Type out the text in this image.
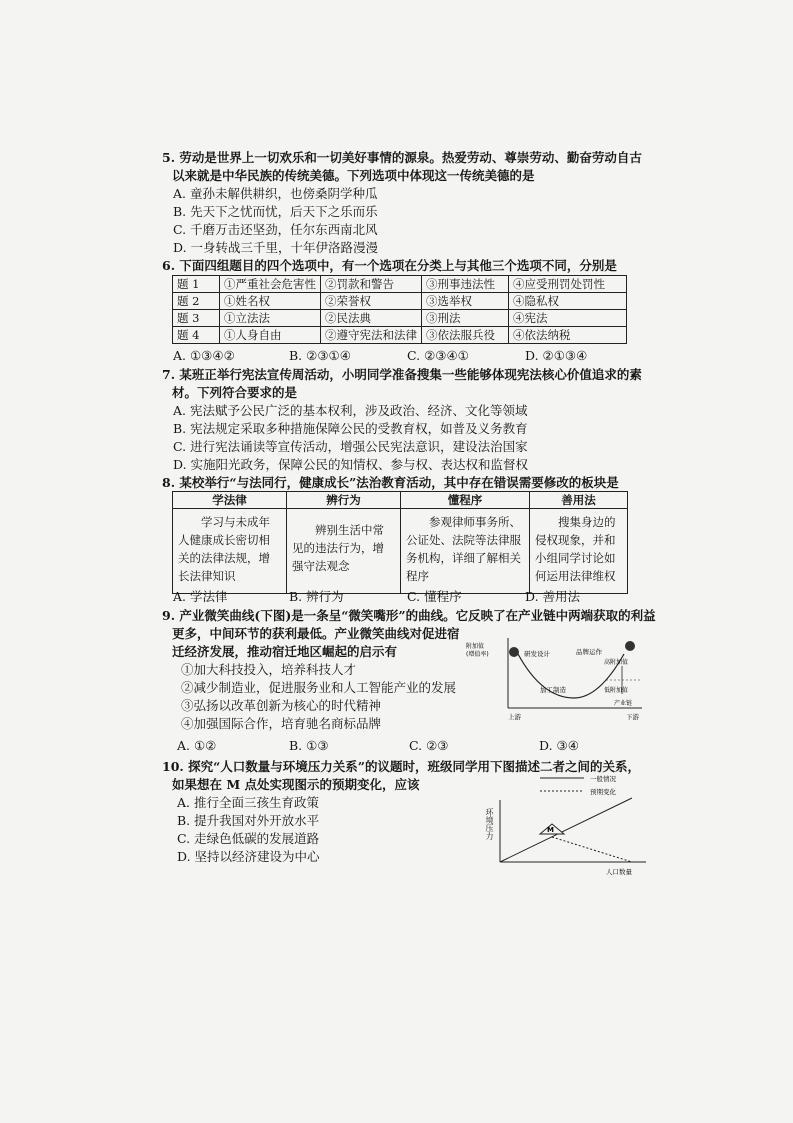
5. 劳动是世界上一切欢乐和一切美好事情的源泉。热爱劳动、尊崇劳动、勤奋劳动自古
以来就是中华民族的传统美德。下列选项中体现这一传统美德的是
A. 童孙未解供耕织，也傍桑阴学种瓜
B. 先天下之忧而忧，后天下之乐而乐
C. 千磨万击还坚劲，任尔东西南北风
D. 一身转战三千里，十年伊洛路漫漫
6. 下面四组题目的四个选项中，有一个选项在分类上与其他三个选项不同，分别是
题 1	①严重社会危害性	②罚款和警告	③刑事违法性	④应受刑罚处罚性
题 2	①姓名权	②荣誉权	③选举权	④隐私权
题 3	①立法法	②民法典	③刑法	④宪法
题 4	①人身自由	②遵守宪法和法律	③依法服兵役	④依法纳税
A. ①③④②	B. ②③①④	C. ②③④①	D. ②①③④
7. 某班正举行宪法宣传周活动，小明同学准备搜集一些能够体现宪法核心价值追求的素
材。下列符合要求的是
A. 宪法赋予公民广泛的基本权利，涉及政治、经济、文化等领域
B. 宪法规定采取多种措施保障公民的受教育权，如普及义务教育
C. 进行宪法诵读等宣传活动，增强公民宪法意识，建设法治国家
D. 实施阳光政务，保障公民的知情权、参与权、表达权和监督权
8. 某校举行“与法同行，健康成长”法治教育活动，其中存在错误需要修改的板块是
学法律	辨行为	懂程序	善用法
学习与未成年人健康成长密切相关的法律法规，增长法律知识	辨别生活中常见的违法行为，增强守法观念	参观律师事务所、公证处、法院等法律服务机构，详细了解相关程序	搜集身边的侵权现象，并和小组同学讨论如何运用法律维权
A. 学法律	B. 辨行为	C. 懂程序	D. 善用法
9. 产业微笑曲线(下图)是一条呈“微笑嘴形”的曲线。它反映了在产业链中两端获取的利益
更多，中间环节的获利最低。产业微笑曲线对促进宿
迁经济发展，推动宿迁地区崛起的启示有
①加大科技投入，培养科技人才
②减少制造业，促进服务业和人工智能产业的发展
③弘扬以改革创新为核心的时代精神
④加强国际合作，培育驰名商标品牌
A. ①②	B. ①③	C. ②③	D. ③④
附加值
(增值率)	研发设计	品牌运作
高附加值
低附加值
加工制造
产业链
上游	下游
10. 探究“人口数量与环境压力关系”的议题时，班级同学用下图描述二者之间的关系，
如果想在 M 点处实现图示的预期变化，应该
A. 推行全面三孩生育政策
B. 提升我国对外开放水平
C. 走绿色低碳的发展道路
D. 坚持以经济建设为中心
一般情况
预期变化
M
人口数量
环境压力
